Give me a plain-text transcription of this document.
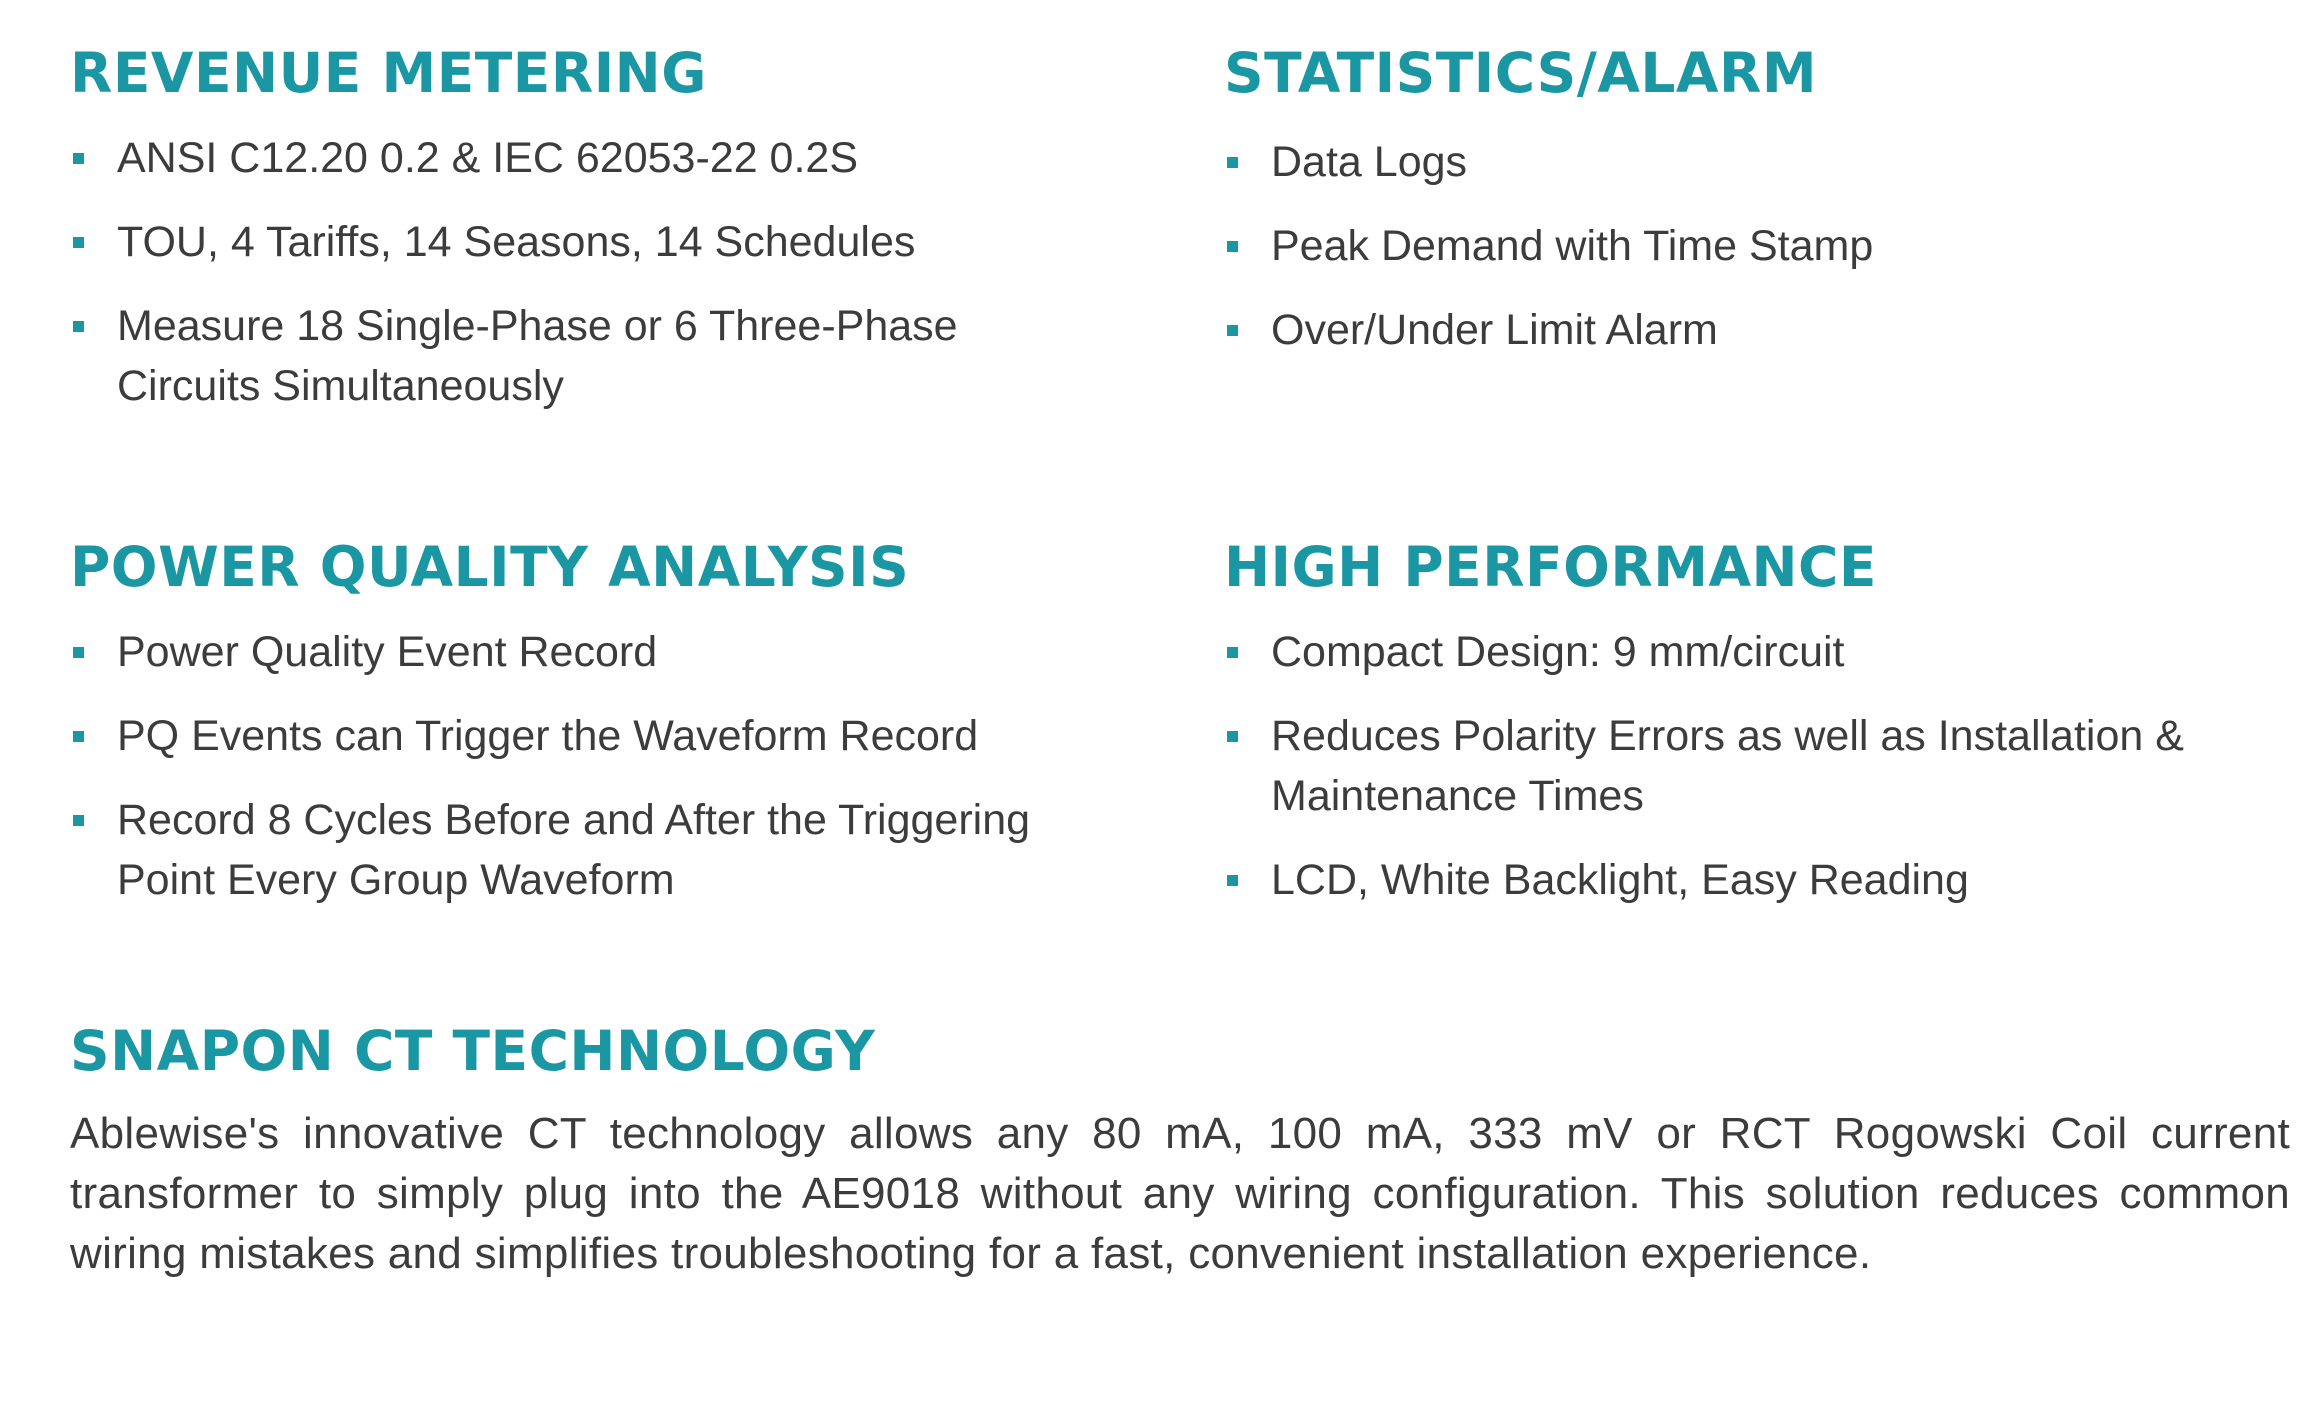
REVENUE METERING
ANSI C12.20 0.2 & IEC 62053-22 0.2S
TOU, 4 Tariffs, 14 Seasons, 14 Schedules
Measure 18 Single-Phase or 6 Three-Phase Circuits Simultaneously
STATISTICS/ALARM
Data Logs
Peak Demand with Time Stamp
Over/Under Limit Alarm
POWER QUALITY ANALYSIS
Power Quality Event Record
PQ Events can Trigger the Waveform Record
Record 8 Cycles Before and After the Triggering Point Every Group Waveform
HIGH PERFORMANCE
Compact Design: 9 mm/circuit
Reduces Polarity Errors as well as Installation & Maintenance Times
LCD, White Backlight, Easy Reading
SNAPON CT TECHNOLOGY

Ablewise's innovative CT technology allows any 80 mA, 100 mA, 333 mV or RCT Rogowski Coil current transformer to simply plug into the AE9018 without any wiring configuration. This solution reduces common wiring mistakes and simplifies troubleshooting for a fast, convenient installation experience.
